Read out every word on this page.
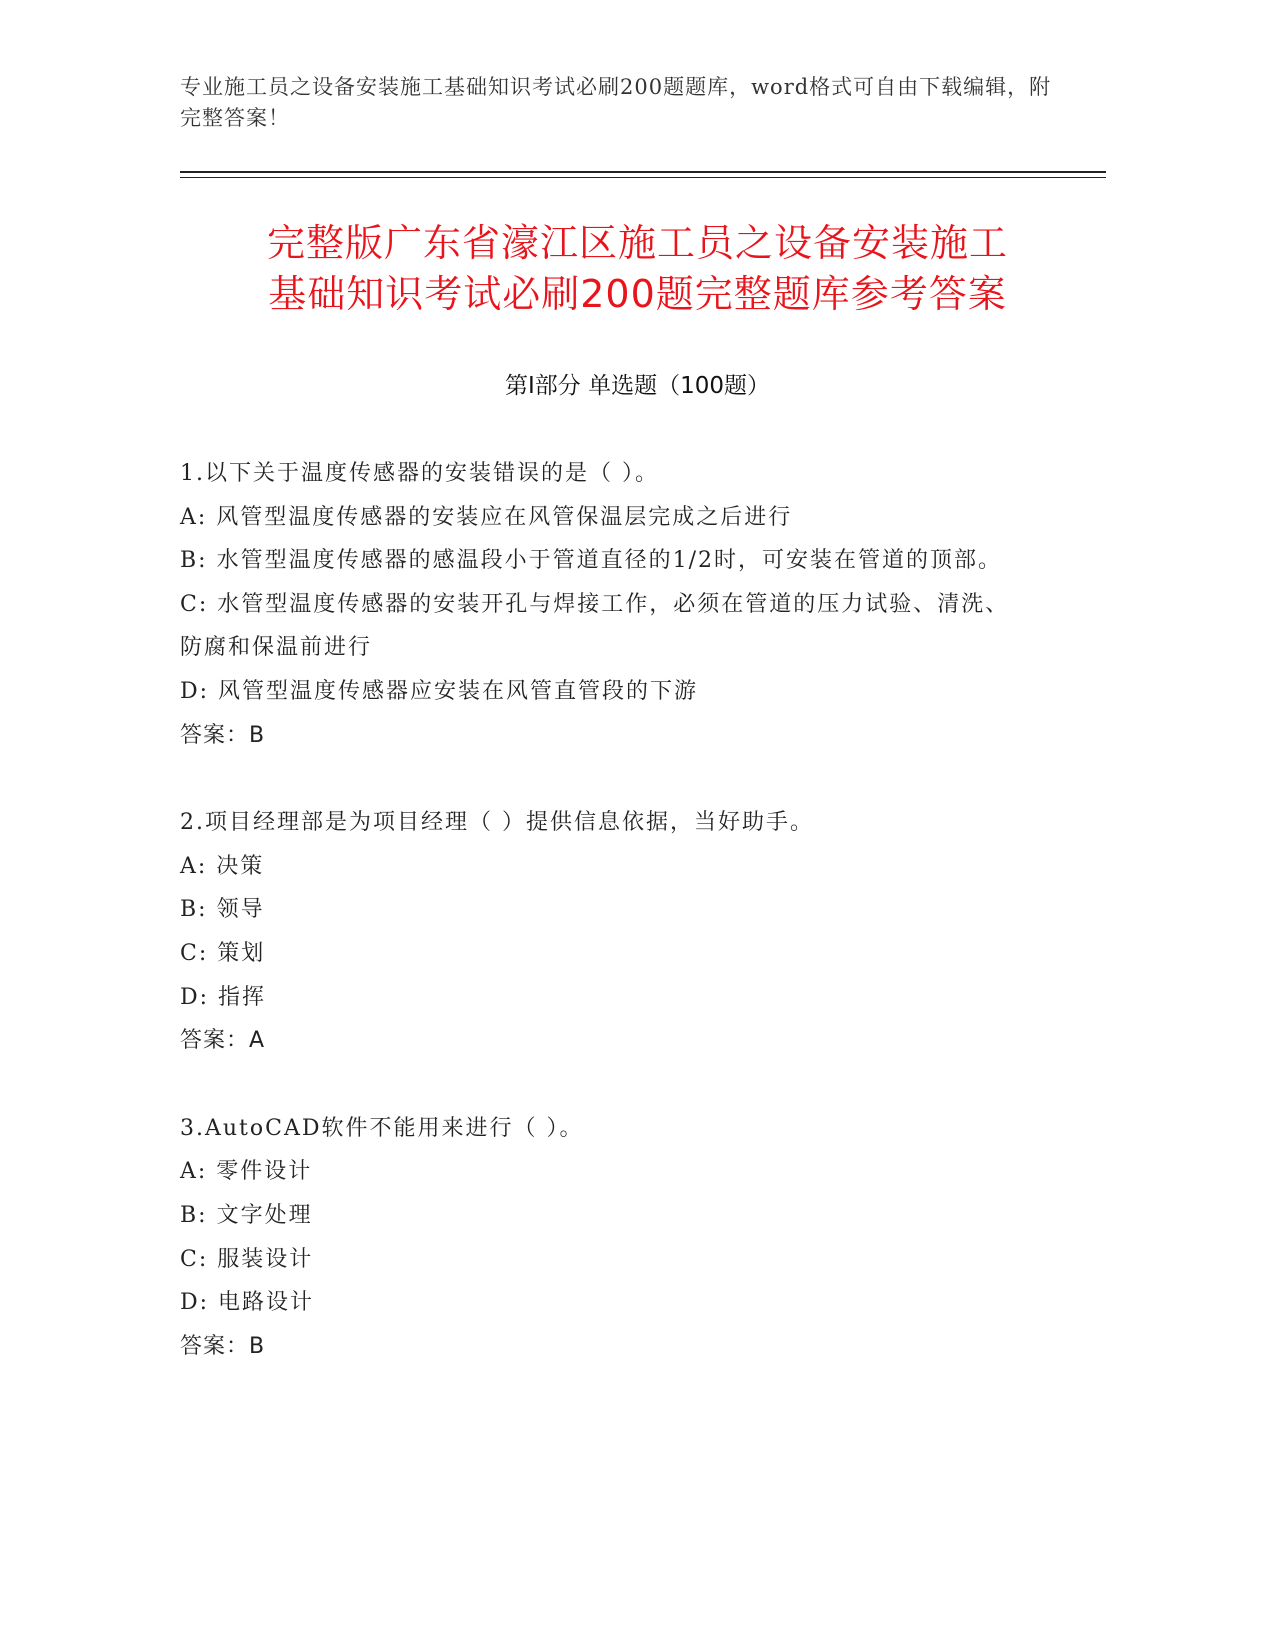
专业施工员之设备安装施工基础知识考试必刷200题题库，word格式可自由下载编辑，附完整答案！
完整版广东省濠江区施工员之设备安装施工
基础知识考试必刷200题完整题库参考答案
第Ⅰ部分 单选题（100题）
1.以下关于温度传感器的安装错误的是（ ）。
A: 风管型温度传感器的安装应在风管保温层完成之后进行
B: 水管型温度传感器的感温段小于管道直径的1/2时，可安装在管道的顶部。
C: 水管型温度传感器的安装开孔与焊接工作，必须在管道的压力试验、清洗、防腐和保温前进行
D: 风管型温度传感器应安装在风管直管段的下游
答案：B
2.项目经理部是为项目经理（ ）提供信息依据，当好助手。
A: 决策
B: 领导
C: 策划
D: 指挥
答案：A
3.AutoCAD软件不能用来进行（ ）。
A: 零件设计
B: 文字处理
C: 服装设计
D: 电路设计
答案：B
